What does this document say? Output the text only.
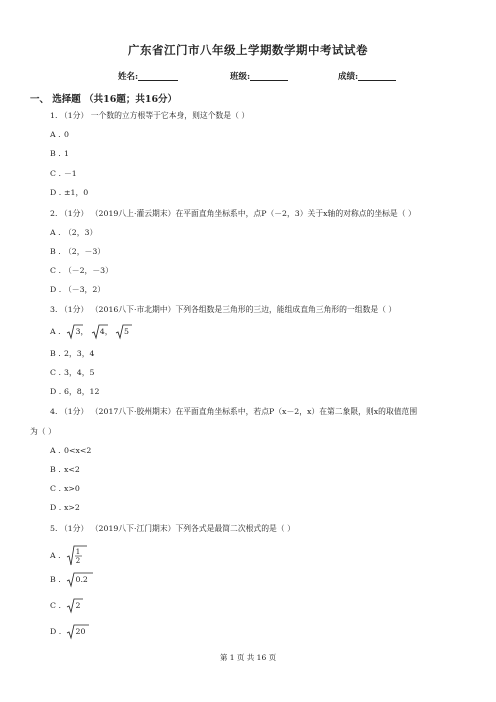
广东省江门市八年级上学期数学期中考试试卷
姓名:	班级:	成绩:
一、 选择题 （共16题；共16分）
1. （1分） 一个数的立方根等于它本身，则这个数是（ ）
A . 0
B . 1
C . －1
D . ±1，0
2. （1分） （2019八上·灌云期末）在平面直角坐标系中，点P（－2，3）关于x轴的对称点的坐标是（ ）
A . （2，3）
B . （2，－3）
C . （－2，－3）
D . （－3，2）
3. （1分） （2016八下·市北期中）下列各组数是三角形的三边，能组成直角三角形的一组数是（ ）
A . 3， 4， 5
B . 2，3，4
C . 3，4，5
D . 6，8，12
4. （1分） （2017八下·胶州期末）在平面直角坐标系中，若点P（x－2，x）在第二象限，则x的取值范围
为（ ）
A . 0<x<2
B . x<2
C . x>0
D . x>2
5. （1分） （2019八下·江门期末）下列各式是最简二次根式的是（ ）
A . 1
2
B . 0.2
C . 2
D . 20
第 1 页 共 16 页
